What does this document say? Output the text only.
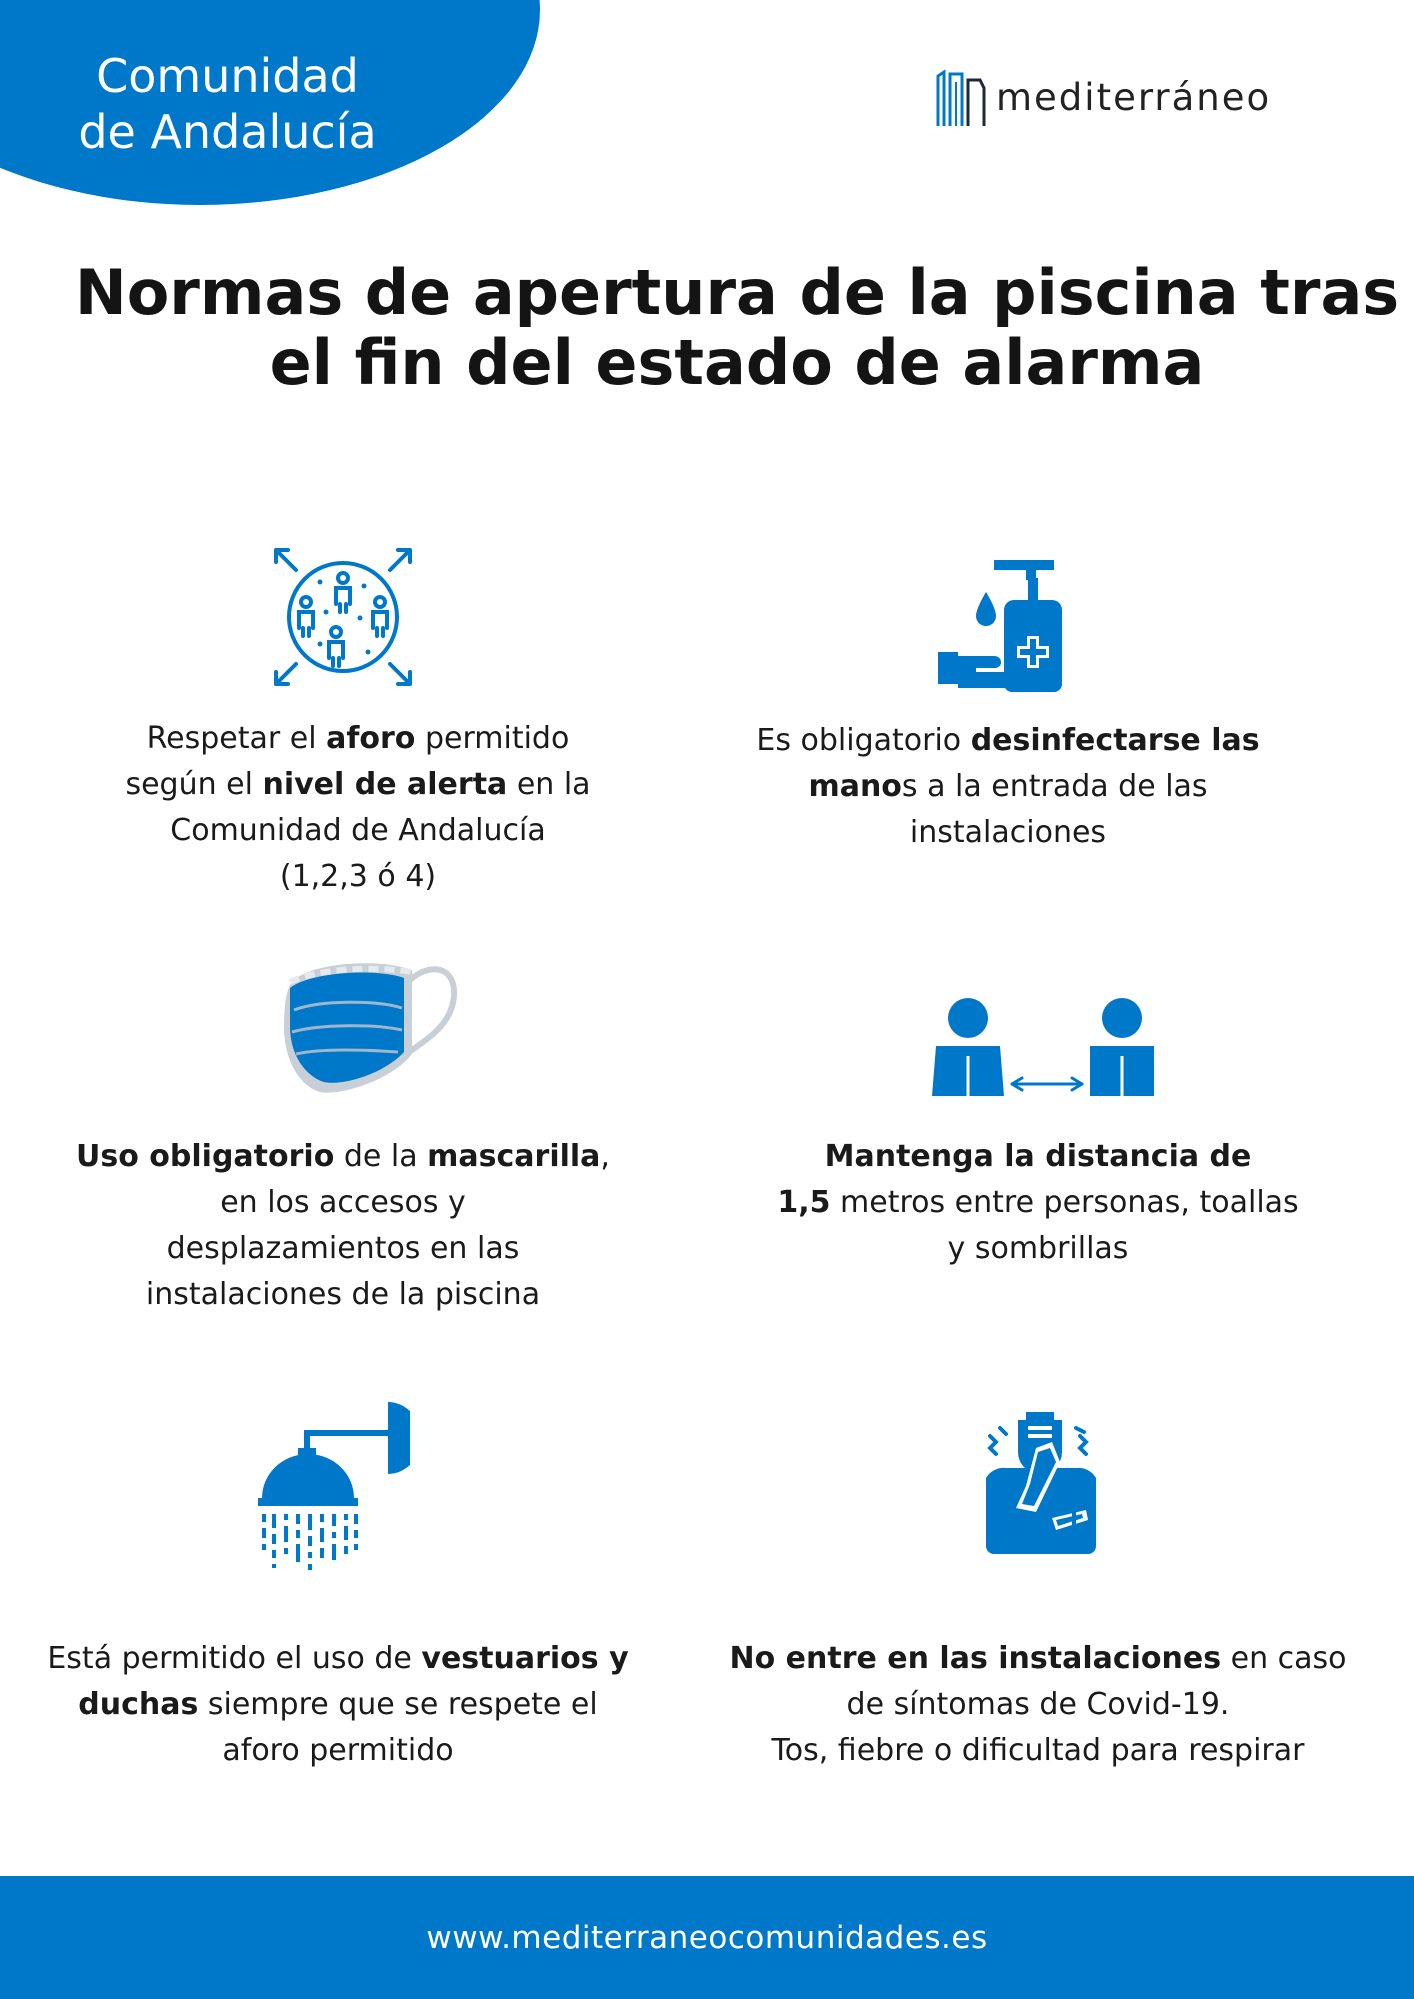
Comunidad
de Andalucía
mediterráneo
Normas de apertura de la piscina tras
el fin del estado de alarma
Respetar el aforo permitido
según el nivel de alerta en la
Comunidad de Andalucía
(1,2,3 ó 4)
Es obligatorio desinfectarse las
manos a la entrada de las
instalaciones
Uso obligatorio de la mascarilla,
en los accesos y
desplazamientos en las
instalaciones de la piscina
Mantenga la distancia de
1,5 metros entre personas, toallas
y sombrillas
Está permitido el uso de vestuarios y
duchas siempre que se respete el
aforo permitido
No entre en las instalaciones en caso
de síntomas de Covid-19.
Tos, fiebre o dificultad para respirar
www.mediterraneocomunidades.es
